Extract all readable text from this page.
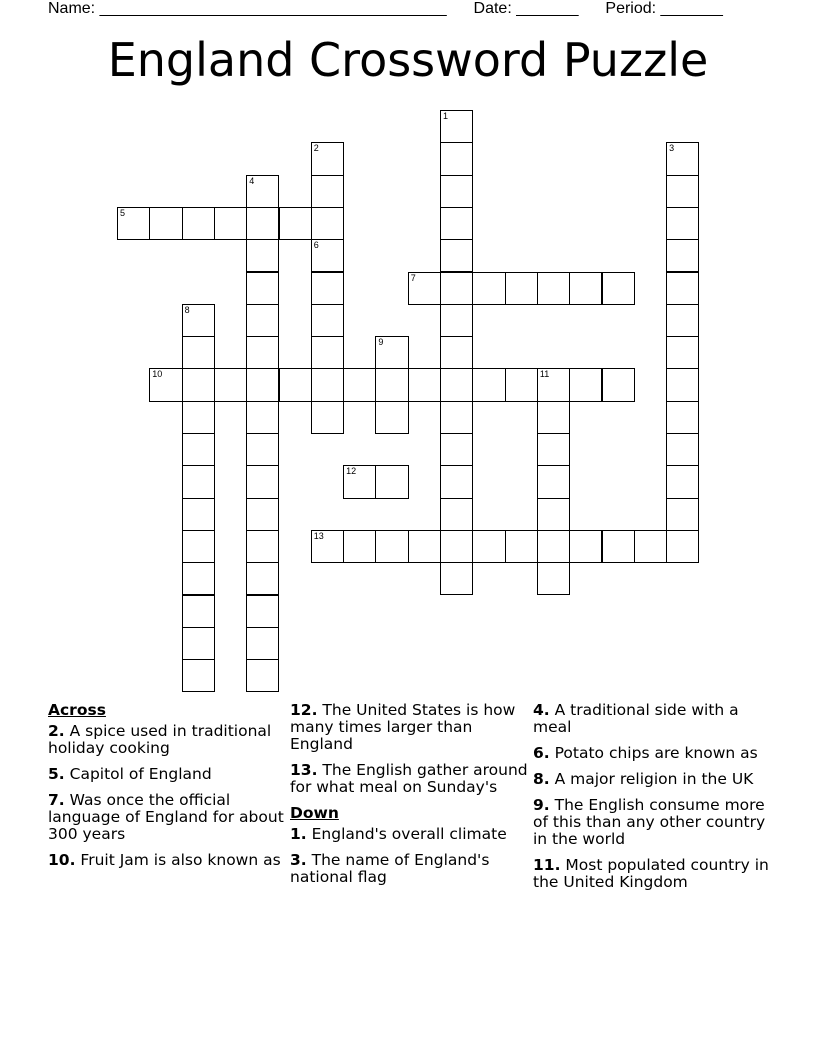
Name: _______________________________________ Date: _______ Period: _______
England Crossword Puzzle
1
2	3
4
5
6
7
8
9
10	11
12
13
Across
2. A spice used in traditional holiday cooking
5. Capitol of England
7. Was once the official language of England for about 300 years
10. Fruit Jam is also known as
12. The United States is how many times larger than England
13. The English gather around for what meal on Sunday's
Down
1. England's overall climate
3. The name of England's national flag
4. A traditional side with a meal
6. Potato chips are known as
8. A major religion in the UK
9. The English consume more of this than any other country in the world
11. Most populated country in the United Kingdom
